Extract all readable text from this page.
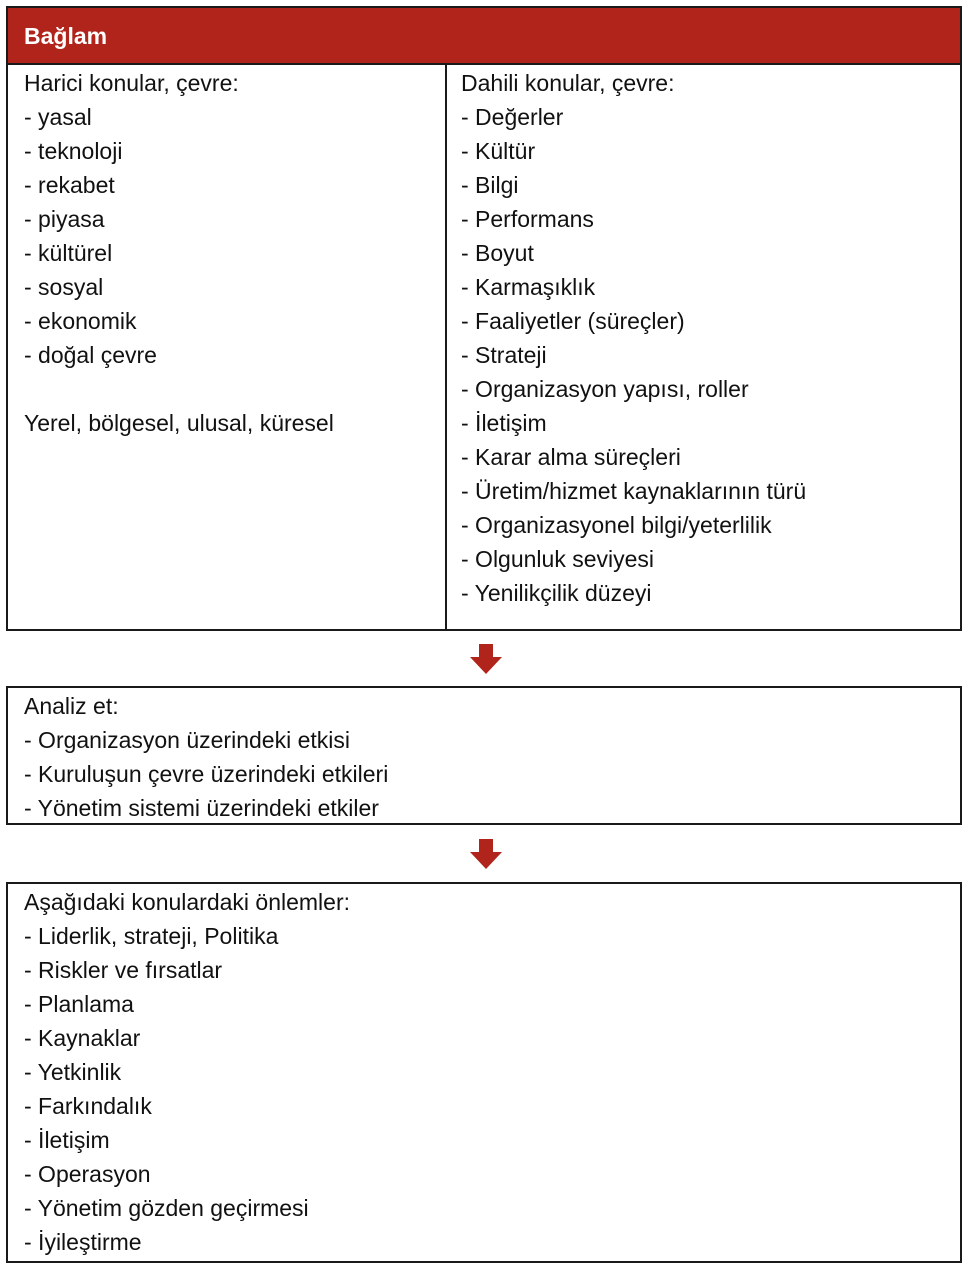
Bağlam
Harici konular, çevre:
- yasal
- teknoloji
- rekabet
- piyasa
- kültürel
- sosyal
- ekonomik
- doğal çevre

Yerel, bölgesel, ulusal, küresel
Dahili konular, çevre:
- Değerler
- Kültür
- Bilgi
- Performans
- Boyut
- Karmaşıklık
- Faaliyetler (süreçler)
- Strateji
- Organizasyon yapısı, roller
- İletişim
- Karar alma süreçleri
- Üretim/hizmet kaynaklarının türü
- Organizasyonel bilgi/yeterlilik
- Olgunluk seviyesi
- Yenilikçilik düzeyi
Analiz et:
- Organizasyon üzerindeki etkisi
- Kuruluşun çevre üzerindeki etkileri
- Yönetim sistemi üzerindeki etkiler
Aşağıdaki konulardaki önlemler:
- Liderlik, strateji, Politika
- Riskler ve fırsatlar
- Planlama
- Kaynaklar
- Yetkinlik
- Farkındalık
- İletişim
- Operasyon
- Yönetim gözden geçirmesi
- İyileştirme
